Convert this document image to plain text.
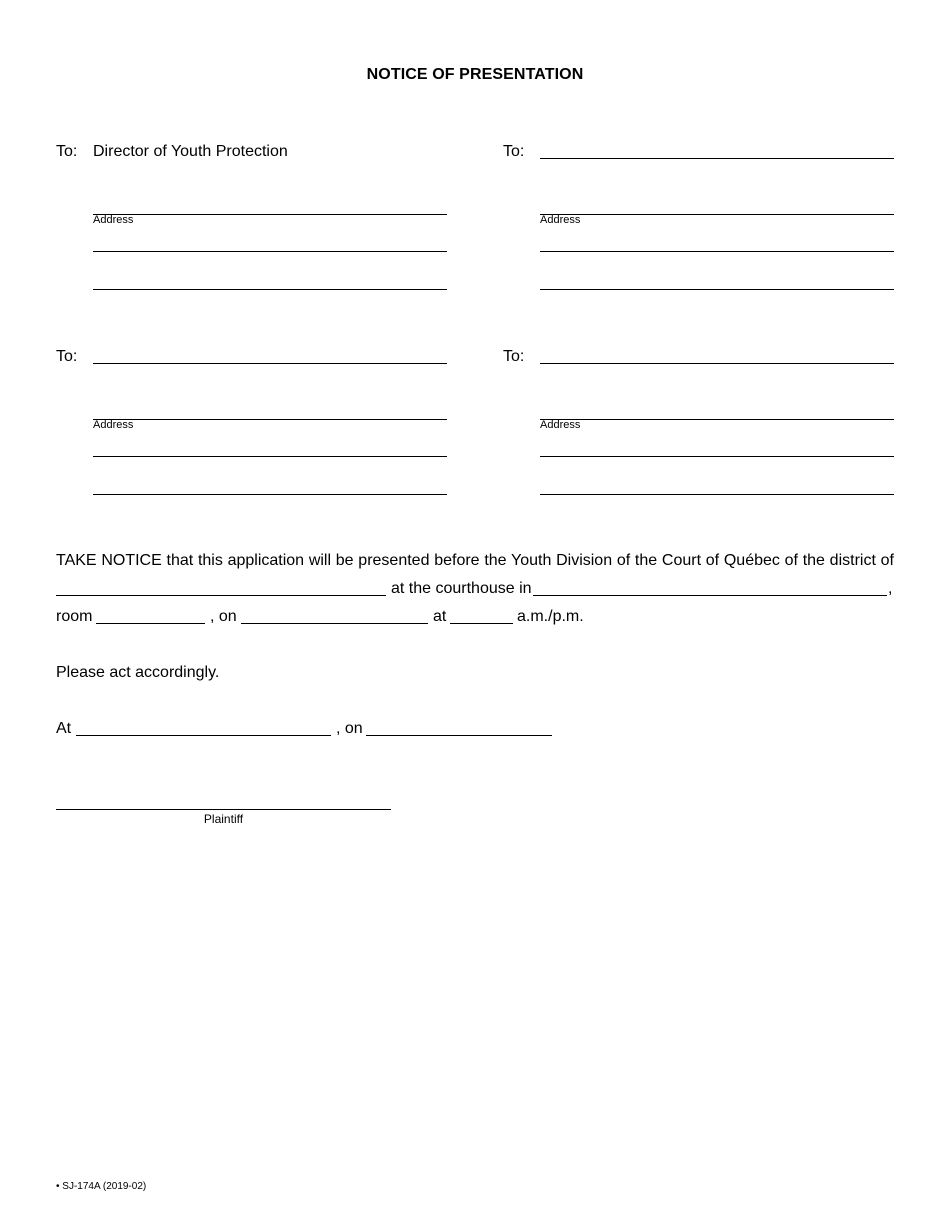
NOTICE OF PRESENTATION
To: Director of Youth Protection
Address
To:
Address
To:
Address
To:
Address
TAKE NOTICE that this application will be presented before the Youth Division of the Court of Québec of the district of
at the courthouse in	,
room	, on	at	a.m./p.m.
Please act accordingly.
At	, on
Plaintiff
• SJ-174A (2019-02)
